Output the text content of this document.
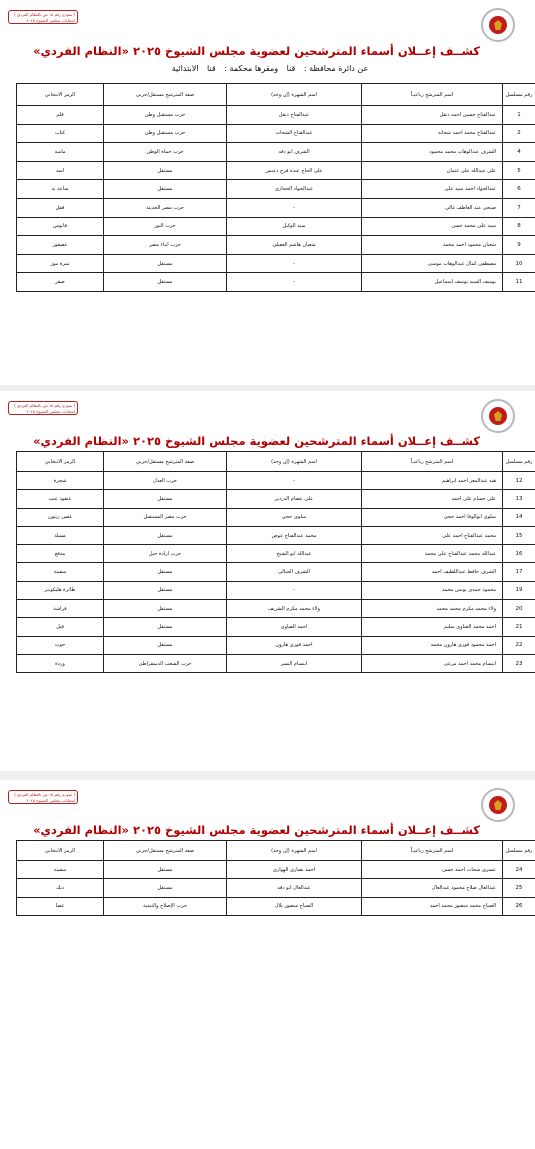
( نموذج رقم ١٥ ش بالنظام الفردي )
انتخابات مجلس الشيوخ ٢٠٢٥
كشــف إعــلان أسماء المترشحين لعضوية مجلس الشيوخ ٢٠٢٥ «النظام الفردي»
عن دائرة محافظة : قنا ومقرها محكمة : قنا الابتدائية
رقم مسلسل	اسم المترشح رباعيـاً	اسم الشهرة (إن وجد)	صفة المترشح مستقل/حزبي	الرمز الانتخابي
1	عبدالفتاح حسين احمد دنقل	عبدالفتاح دنقل	حزب مستقبل وطن	قلم
2	عبدالفتاح محمد احمد شحاته	عبدالفتاح الشحات	حزب مستقبل وطن	كتاب
4	الشرف عبدالوهاب محمد محمود	الشرف ابو دقه	حزب حماة الوطن	ماسة
5	على عبدالله على عثمان	على الحاج عبده فرج دعبس	مستقل	اسد
6	عبدالجواد احمد سيد على	عبدالجواد الحجازى	مستقل	ساعة يد
7	صبحى عبد العاطف غالى	-	حزب مصر الحديثة	قفل
8	سيد على محمد حسن	سيد الوكيل	حزب النور	فانوس
9	شعبان محمود احمد محمد	شعبان هاشم العقيلى	حزب ابناء مصر	عصفور
10	مصطفى كمال عبدالوهاب موسى	-	مستقل	ثمرة موز
11	يوسف السيد يوسف اسماعيل	-	مستقل	صقر
( نموذج رقم ١٥ ش بالنظام الفردي )
انتخابات مجلس الشيوخ ٢٠٢٥
كشــف إعــلان أسماء المترشحين لعضوية مجلس الشيوخ ٢٠٢٥ «النظام الفردي»
رقم مسلسل	اسم المترشح رباعيـاً	اسم الشهرة (إن وجد)	صفة المترشح مستقل/حزبي	الرمز الانتخابي
12	هبه عبدالمعز احمد ابراهيم	-	حزب العدل	شجرة
13	على حسام على احمد	على عصام الدردير	مستقل	عنقود عنب
14	سلوى ابوالوفا احمد حجى	سلوى حجى	حزب مصر المستقبل	غصن زيتون
15	محمد عبدالفتاح احمد على	محمد عبدالفتاح عوض	مستقل	مسلة
16	عبدالله محمد عبدالفتاح على محمد	عبدالله ابو الشيخ	حزب ارادة جيل	مدفع
17	الشرف حافظ عبداللطيف احمد	الشرف الجبالى	مستقل	سفينة
19	محمود حمدى يونس محمد	-	مستقل	طائرة هليكوبتر
20	ولاء محمد مكرم محمد محمد	ولاء محمد مكرم الشريف	مستقل	فراشة
21	احمد محمد الصاوى سليم	احمد الصاوى	مستقل	فيل
22	احمد محمود فوزى هارون محمد	احمد فوزى هارون	مستقل	حوت
23	ابتسام محمد احمد مرعى	ابتسام النسر	حزب الشعب الديمقراطى	وردة
( نموذج رقم ١٥ ش بالنظام الفردي )
انتخابات مجلس الشيوخ ٢٠٢٥
كشــف إعــلان أسماء المترشحين لعضوية مجلس الشيوخ ٢٠٢٥ «النظام الفردي»
رقم مسلسل	اسم المترشح رباعيـاً	اسم الشهرة (إن وجد)	صفة المترشح مستقل/حزبي	الرمز الانتخابي
24	عسرى شحات احمد حسن	احمد نصارى الهوارى	مستقل	سفينة
25	عبدالعال صلاح محمود عبدالعال	عبدالعال ابو دقه	مستقل	ديك
26	الصباح محمد منصور محمد احمد	الصباح منصور بلال	حزب الإصلاح والتنمية	عصا
